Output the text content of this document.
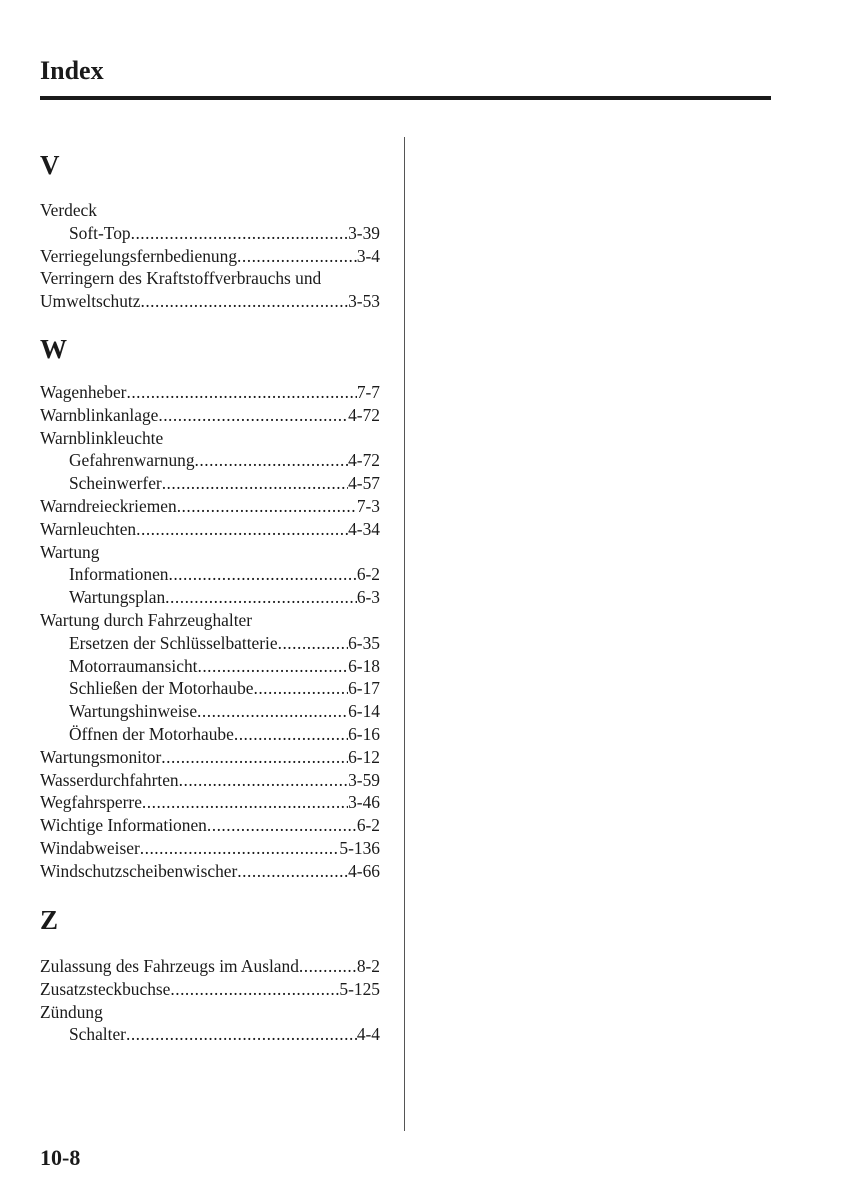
Index
V
Verdeck
Soft-Top .....	3-39
Verriegelungsfernbedienung .....	3-4
Verringern des Kraftstoffverbrauchs und
Umweltschutz .....	3-53
W
Wagenheber .....	7-7
Warnblinkanlage .....	4-72
Warnblinkleuchte
Gefahrenwarnung .....	4-72
Scheinwerfer .....	4-57
Warndreieckriemen .....	7-3
Warnleuchten .....	4-34
Wartung
Informationen .....	6-2
Wartungsplan .....	6-3
Wartung durch Fahrzeughalter
Ersetzen der Schlüsselbatterie .....	6-35
Motorraumansicht .....	6-18
Schließen der Motorhaube .....	6-17
Wartungshinweise .....	6-14
Öffnen der Motorhaube .....	6-16
Wartungsmonitor .....	6-12
Wasserdurchfahrten .....	3-59
Wegfahrsperre .....	3-46
Wichtige Informationen .....	6-2
Windabweiser .....	5-136
Windschutzscheibenwischer .....	4-66
Z
Zulassung des Fahrzeugs im Ausland .....	8-2
Zusatzsteckbuchse .....	5-125
Zündung
Schalter .....	4-4
10-8
